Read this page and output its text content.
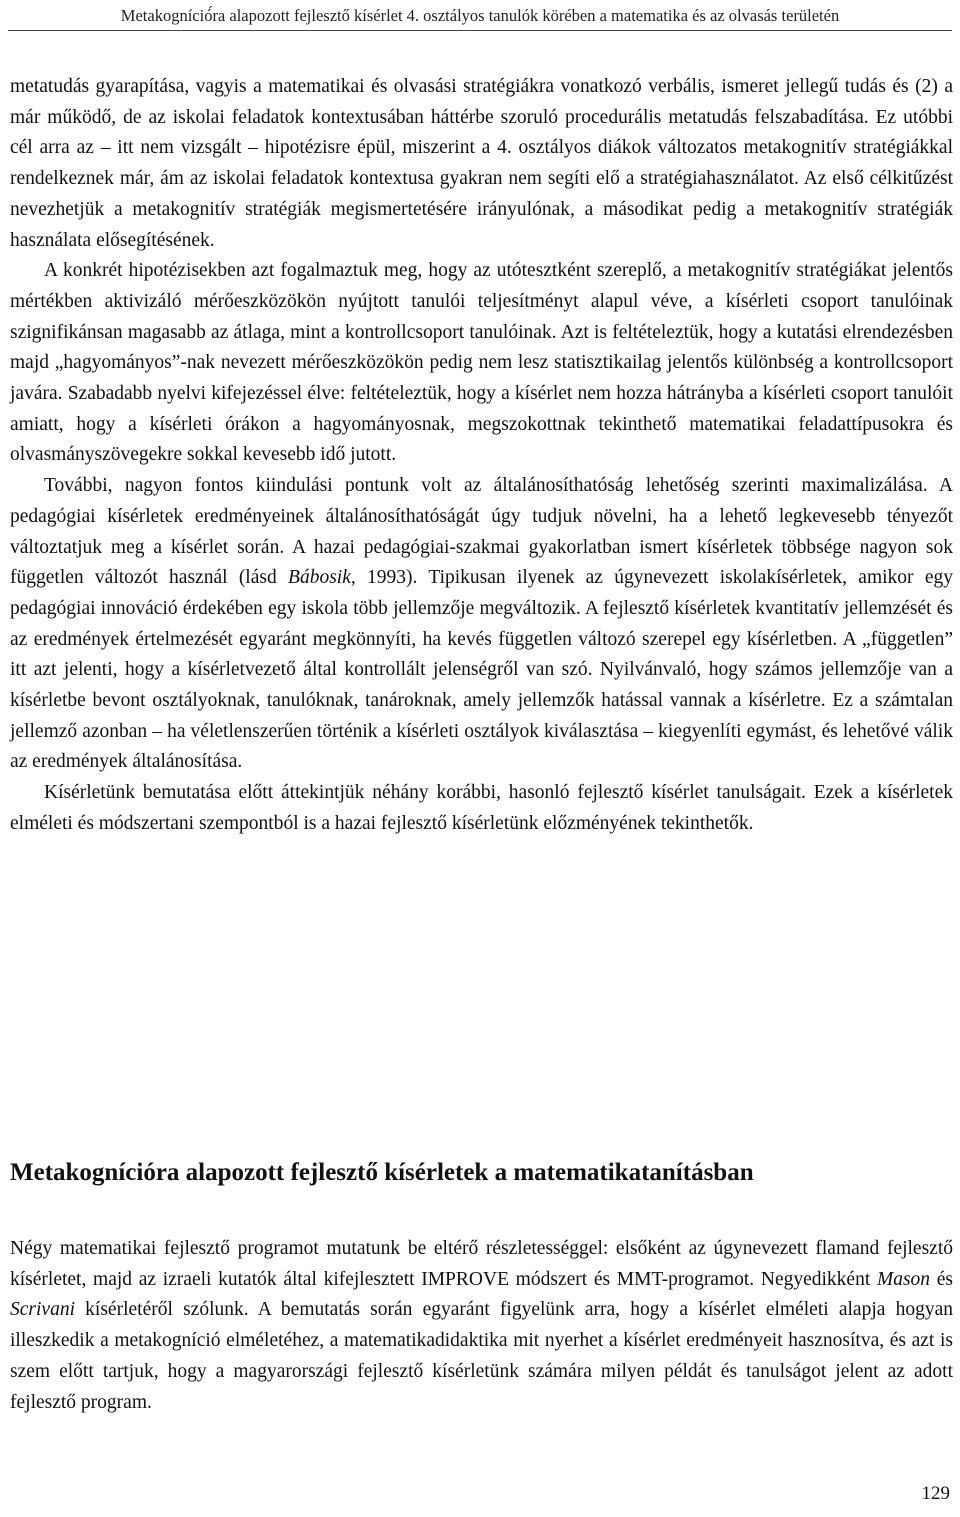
Metakogníció́ra alapozott fejlesztő kísérlet 4. osztályos tanulók körében a matematika és az olvasás területén

metatudás gyarapítása, vagyis a matematikai és olvasási stratégiákra vonatkozó verbális, ismeret jellegű tudás és (2) a már működő, de az iskolai feladatok kontextusában háttérbe szoruló procedurális metatudás felszabadítása. Ez utóbbi cél arra az – itt nem vizsgált – hipotézisre épül, miszerint a 4. osztályos diákok változatos metakognitív stratégiákkal rendelkeznek már, ám az iskolai feladatok kontextusa gyakran nem segíti elő a stratégiahasználatot. Az első célkitűzést nevezhetjük a metakognitív stratégiák megismertetésére irányulónak, a másodikat pedig a metakognitív stratégiák használata elősegítésének.

A konkrét hipotézisekben azt fogalmaztuk meg, hogy az utótesztként szereplő, a metakognitív stratégiákat jelentős mértékben aktivizáló mérőeszközökön nyújtott tanulói teljesítményt alapul véve, a kísérleti csoport tanulóinak szignifikánsan magasabb az átlaga, mint a kontrollcsoport tanulóinak. Azt is feltételeztük, hogy a kutatási elrendezésben majd „hagyományos”-nak nevezett mérőeszközökön pedig nem lesz statisztikailag jelentős különbség a kontrollcsoport javára. Szabadabb nyelvi kifejezéssel élve: feltételeztük, hogy a kísérlet nem hozza hátrányba a kísérleti csoport tanulóit amiatt, hogy a kísérleti órákon a hagyományosnak, megszokottnak tekinthető matematikai feladattípusokra és olvasmányszövegekre sokkal kevesebb idő jutott.

További, nagyon fontos kiindulási pontunk volt az általánosíthatóság lehetőség szerinti maximalizálása. A pedagógiai kísérletek eredményeinek általánosíthatóságát úgy tudjuk növelni, ha a lehető legkevesebb tényezőt változtatjuk meg a kísérlet során. A hazai pedagógiai-szakmai gyakorlatban ismert kísérletek többsége nagyon sok független változót használ (lásd Bábosik, 1993). Tipikusan ilyenek az úgynevezett iskolakísérletek, amikor egy pedagógiai innováció érdekében egy iskola több jellemzője megváltozik. A fejlesztő kísérletek kvantitatív jellemzését és az eredmények értelmezését egyaránt megkönnyíti, ha kevés független változó szerepel egy kísérletben. A „független” itt azt jelenti, hogy a kísérletvezető által kontrollált jelenségről van szó. Nyilvánvaló, hogy számos jellemzője van a kísérletbe bevont osztályoknak, tanulóknak, tanároknak, amely jellemzők hatással vannak a kísérletre. Ez a számtalan jellemző azonban – ha véletlenszerűen történik a kísérleti osztályok kiválasztása – kiegyenlíti egymást, és lehetővé válik az eredmények általánosítása.

Kísérletünk bemutatása előtt áttekintjük néhány korábbi, hasonló fejlesztő kísérlet tanulságait. Ezek a kísérletek elméleti és módszertani szempontból is a hazai fejlesztő kísérletünk előzményének tekinthetők.

Metakognícióra alapozott fejlesztő kísérletek a matematikatanításban

Négy matematikai fejlesztő programot mutatunk be eltérő részletességgel: elsőként az úgynevezett flamand fejlesztő kísérletet, majd az izraeli kutatók által kifejlesztett IMPROVE módszert és MMT-programot. Negyedikként Mason és Scrivani kísérletéről szólunk. A bemutatás során egyaránt figyelünk arra, hogy a kísérlet elméleti alapja hogyan illeszkedik a metakogníció elméletéhez, a matematikadidaktika mit nyerhet a kísérlet eredményeit hasznosítva, és azt is szem előtt tartjuk, hogy a magyarországi fejlesztő kísérletünk számára milyen példát és tanulságot jelent az adott fejlesztő program.

129
